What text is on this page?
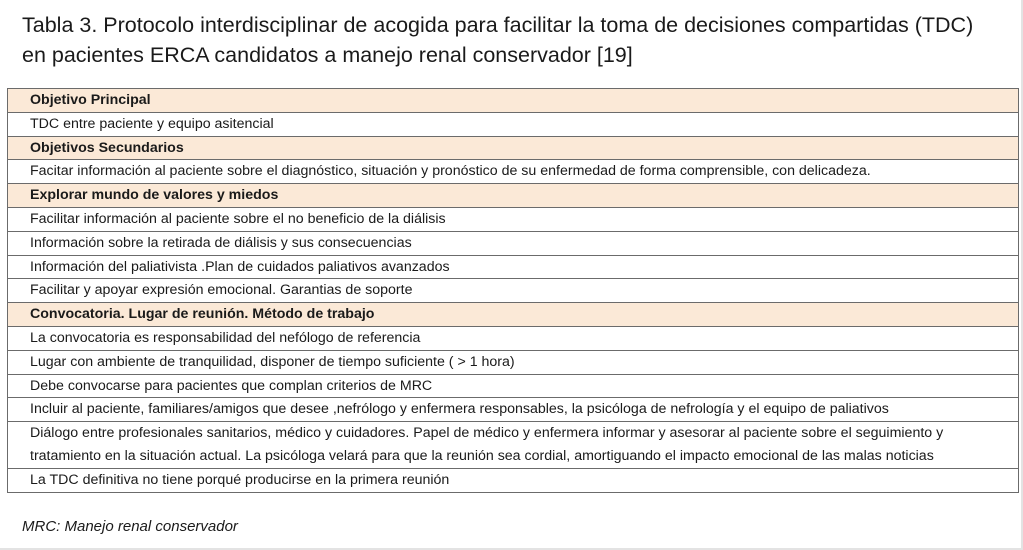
Tabla 3. Protocolo interdisciplinar de acogida para facilitar la toma de decisiones compartidas (TDC) en pacientes ERCA candidatos a manejo renal conservador [19]
Objetivo Principal
TDC entre paciente y equipo asitencial
Objetivos Secundarios
Facitar información al paciente sobre el diagnóstico, situación y pronóstico de su enfermedad de forma comprensible, con delicadeza.
Explorar mundo de valores y miedos
Facilitar información al paciente sobre el no beneficio de la diálisis
Información sobre la retirada de diálisis y sus consecuencias
Información del paliativista .Plan de cuidados paliativos avanzados
Facilitar y apoyar expresión emocional. Garantias de soporte
Convocatoria. Lugar de reunión. Método de trabajo
La convocatoria es responsabilidad del nefólogo de referencia
Lugar con ambiente de tranquilidad, disponer de tiempo suficiente ( > 1 hora)
Debe convocarse para pacientes que complan criterios de MRC
Incluir al paciente, familiares/amigos que desee ,nefrólogo y enfermera responsables, la psicóloga de nefrología y el equipo de paliativos
Diálogo entre profesionales sanitarios, médico y cuidadores. Papel de médico y enfermera informar y asesorar al paciente sobre el seguimiento y tratamiento en la situación actual. La psicóloga velará para que la reunión sea cordial, amortiguando el impacto emocional de las malas noticias
La TDC definitiva no tiene porqué producirse en la primera reunión
MRC: Manejo renal conservador
